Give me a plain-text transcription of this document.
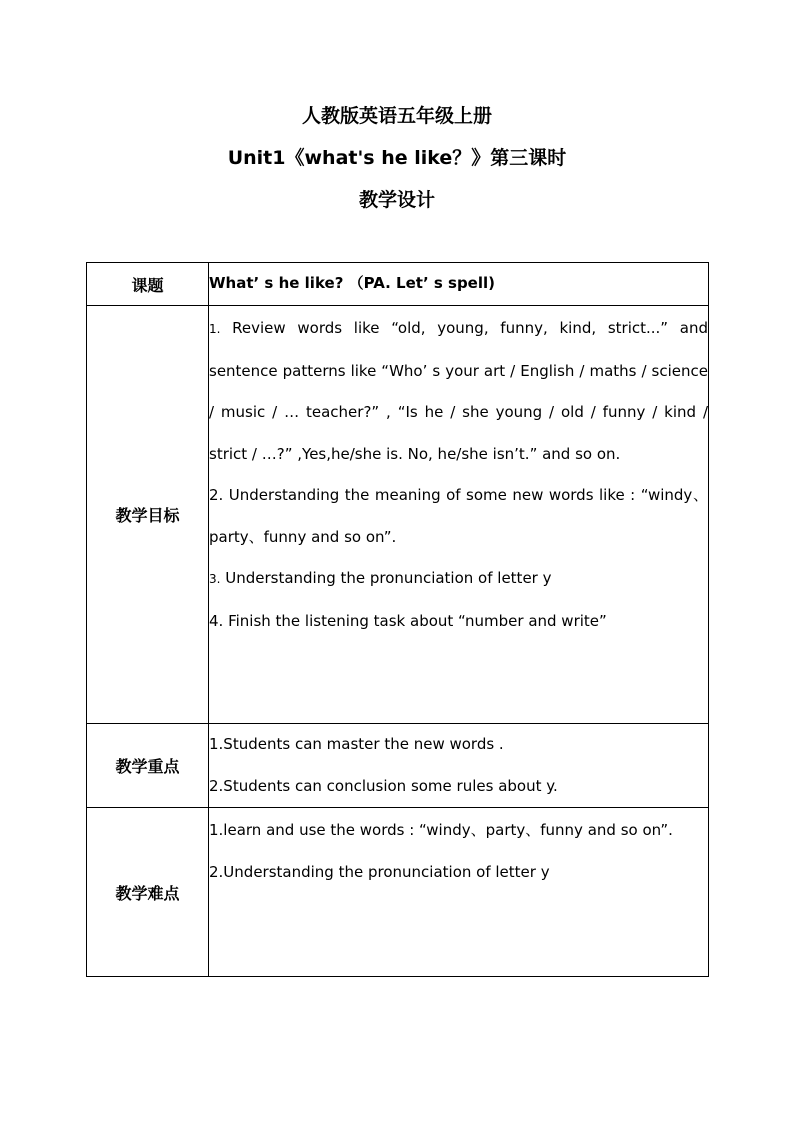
人教版英语五年级上册

Unit1《what's he like？》第三课时

教学设计

课题	What’ s he like? （PA. Let’ s spell)
教学目标	1. Review words like “old, young, funny, kind, strict...” and sentence patterns like “Who’ s your art / English / maths / science / music / … teacher?” , “Is he / she young / old / funny / kind / strict / …?” ,Yes,he/she is. No, he/she isn’t.” and so on.

2. Understanding the meaning of some new words like : “windy、party、funny and so on”.

3. Understanding the pronunciation of letter y

4. Finish the listening task about “number and write”

教学重点	1.Students can master the new words .

2.Students can conclusion some rules about y.

教学难点	1.learn and use the words : “windy、party、funny and so on”.

2.Understanding the pronunciation of letter y
